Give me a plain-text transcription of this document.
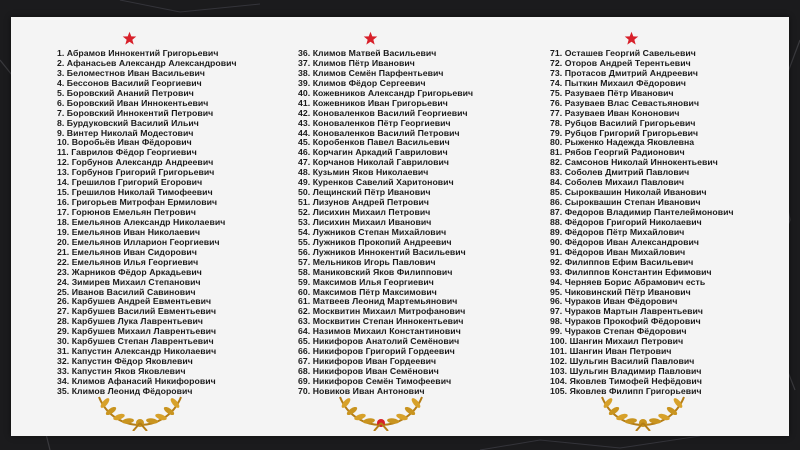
1. Абрамов Иннокентий Григорьевич
2. Афанасьев Александр Александрович
3. Беломестнов Иван Васильевич
4. Бессонов Василий Георгиевич
5. Боровский Ананий Петрович
6. Боровский Иван Иннокентьевич
7. Боровский Иннокентий Петрович
8. Бурдуковский Василий Ильич
9. Винтер Николай Модестович
10. Воробьёв Иван Фёдорович
11. Гаврилов Фёдор Георгиевич
12. Горбунов Александр Андреевич
13. Горбунов Григорий Григорьевич
14. Грешилов Григорий Егорович
15. Грешилов Николай Тимофеевич
16. Григорьев Митрофан Ермилович
17. Горюнов Емельян Петрович
18. Емельянов Александр Николаевич
19. Емельянов Иван Николаевич
20. Емельянов Илларион Георгиевич
21. Емельянов Иван Сидорович
22. Емельянов Илья Георгиевич
23. Жарников Фёдор Аркадьевич
24. Зимирев Михаил Степанович
25. Иванов Василий Савинович
26. Карбушев Андрей Евментьевич
27. Карбушев Василий Евментьевич
28. Карбушев Лука Лаврентьевич
29. Карбушев Михаил Лаврентьевич
30. Карбушев Степан Лаврентьевич
31. Капустин Александр Николаевич
32. Капустин Фёдор Яковлевич
33. Капустин Яков Яковлевич
34. Климов Афанасий Никифорович
35. Климов Леонид Фёдорович
36. Климов Матвей Васильевич
37. Климов Пётр Иванович
38. Климов Семён Парфентьевич
39. Климов Фёдор Сергеевич
40. Кожевников Александр Григорьевич
41. Кожевников Иван Григорьевич
42. Коноваленков Василий Георгиевич
43. Коноваленков Пётр Георгиевич
44. Коноваленков Василий Петрович
45. Коробенков Павел Васильевич
46. Корчагин Аркадий Гаврилович
47. Корчанов Николай Гаврилович
48. Кузьмин Яков Николаевич
49. Куренков Савелий Харитонович
50. Лещинский Пётр Иванович
51. Лизунов Андрей Петрович
52. Лисихин Михаил Петрович
53. Лисихин Михаил Иванович
54. Лужников Степан Михайлович
55. Лужников Прокопий Андреевич
56. Лужников Иннокентий Васильевич
57. Мельников Игорь Павлович
58. Маниковский Яков Филиппович
59. Максимов Илья Георгиевич
60. Максимов Пётр Максимович
61. Матвеев Леонид Мартемьянович
62. Москвитин Михаил Митрофанович
63. Москвитин Степан Иннокентьевич
64. Назимов Михаил Константинович
65. Никифоров Анатолий Семёнович
66. Никифоров Григорий Гордеевич
67. Никифоров Иван Гордеевич
68. Никифоров Иван Семёнович
69. Никифоров Семён Тимофеевич
70. Новиков Иван Антонович
71. Осташев Георгий Савельевич
72. Оторов Андрей Терентьевич
73. Протасов Дмитрий Андреевич
74. Пыткин Михаил Фёдорович
75. Разуваев Пётр Иванович
76. Разуваев Влас Севастьянович
77. Разуваев Иван Кононович
78. Рубцов Василий Григорьевич
79. Рубцов Григорий Григорьевич
80. Рыженко Надежда Яковлевна
81. Рябов Георгий Радионович
82. Самсонов Николай Иннокентьевич
83. Соболев Дмитрий Павлович
84. Соболев Михаил Павлович
85. Сыроквашин Николай Иванович
86. Сыроквашин Степан Иванович
87. Федоров Владимир Пантелеймонович
88. Фёдоров Григорий Николаевич
89. Фёдоров Пётр Михайлович
90. Фёдоров Иван Александрович
91. Фёдоров Иван Михайлович
92. Филиппов Ефим Васильевич
93. Филиппов Константин Ефимович
94. Черняев Борис Абрамович есть
95. Чиковинский Пётр Иванович
96. Чураков Иван Фёдорович
97. Чураков Мартын Лаврентьевич
98. Чураков Прокофий Фёдорович
99. Чураков Степан Фёдорович
100. Шангин Михаил Петрович
101. Шангин Иван Петрович
102. Шульгин Василий Павлович
103. Шульгин Владимир Павлович
104. Яковлев Тимофей Нефёдович
105. Яковлев Филипп Григорьевич
